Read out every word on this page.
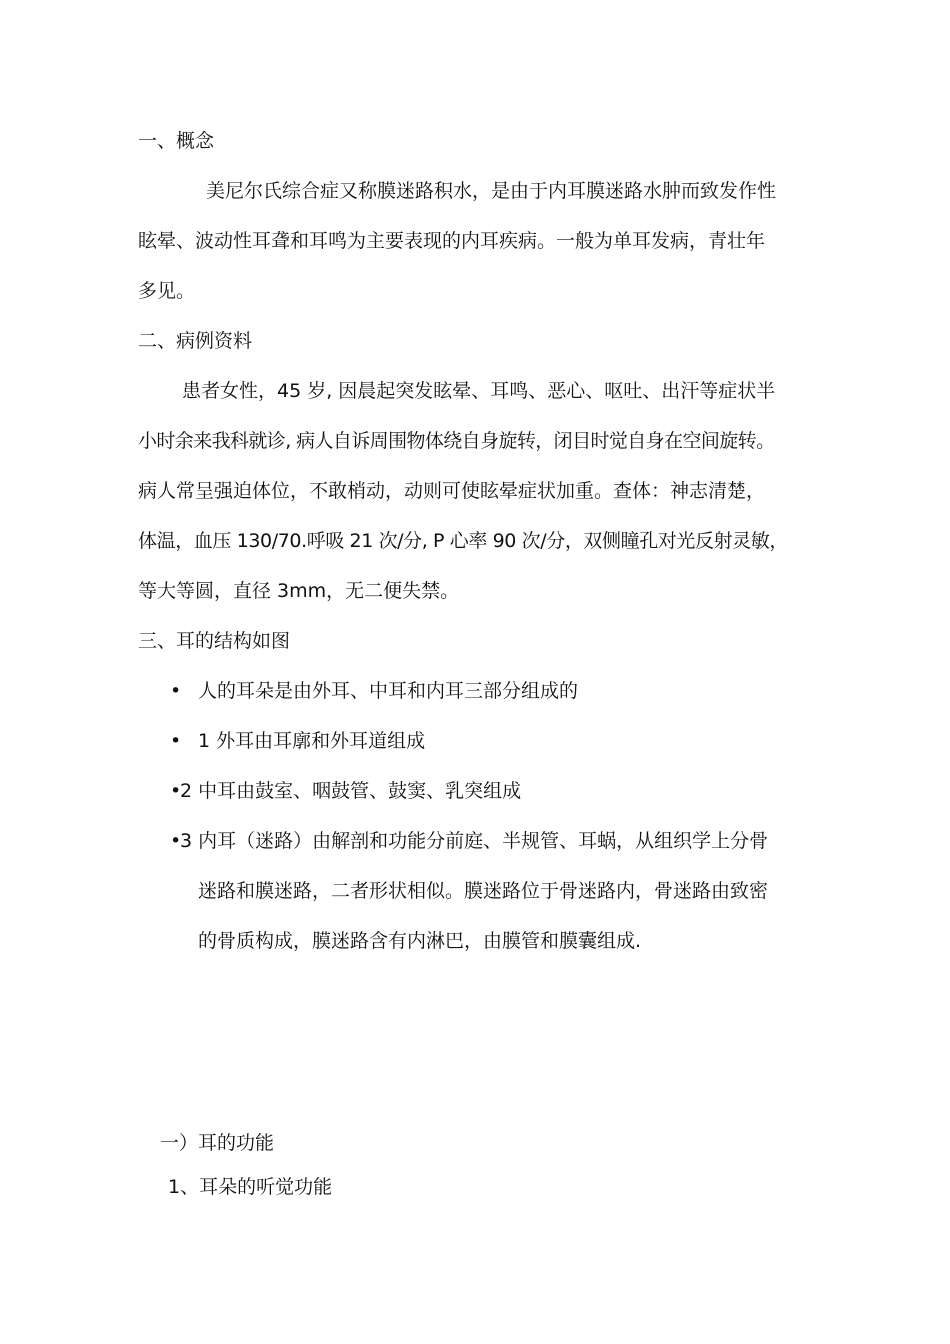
一、概念

美尼尔氏综合症又称膜迷路积水，是由于内耳膜迷路水肿而致发作性

眩晕、波动性耳聋和耳鸣为主要表现的内耳疾病。一般为单耳发病，青壮年

多见。

二、病例资料

患者女性，45 岁, 因晨起突发眩晕、耳鸣、恶心、呕吐、出汗等症状半

小时余来我科就诊, 病人自诉周围物体绕自身旋转，闭目时觉自身在空间旋转。

病人常呈强迫体位，不敢梢动，动则可使眩晕症状加重。查体：神志清楚，

体温，血压 130/70.呼吸 21 次/分, P 心率 90 次/分，双侧瞳孔对光反射灵敏，

等大等圆，直径 3mm，无二便失禁。

三、耳的结构如图

• 人的耳朵是由外耳、中耳和内耳三部分组成的

• 1 外耳由耳廓和外耳道组成

•

2 中耳由鼓室、咽鼓管、鼓窦、乳突组成

•

3 内耳（迷路）由解剖和功能分前庭、半规管、耳蜗，从组织学上分骨

迷路和膜迷路，二者形状相似。膜迷路位于骨迷路内，骨迷路由致密

的骨质构成，膜迷路含有内淋巴，由膜管和膜囊组成.

一）耳的功能

1、耳朵的听觉功能
